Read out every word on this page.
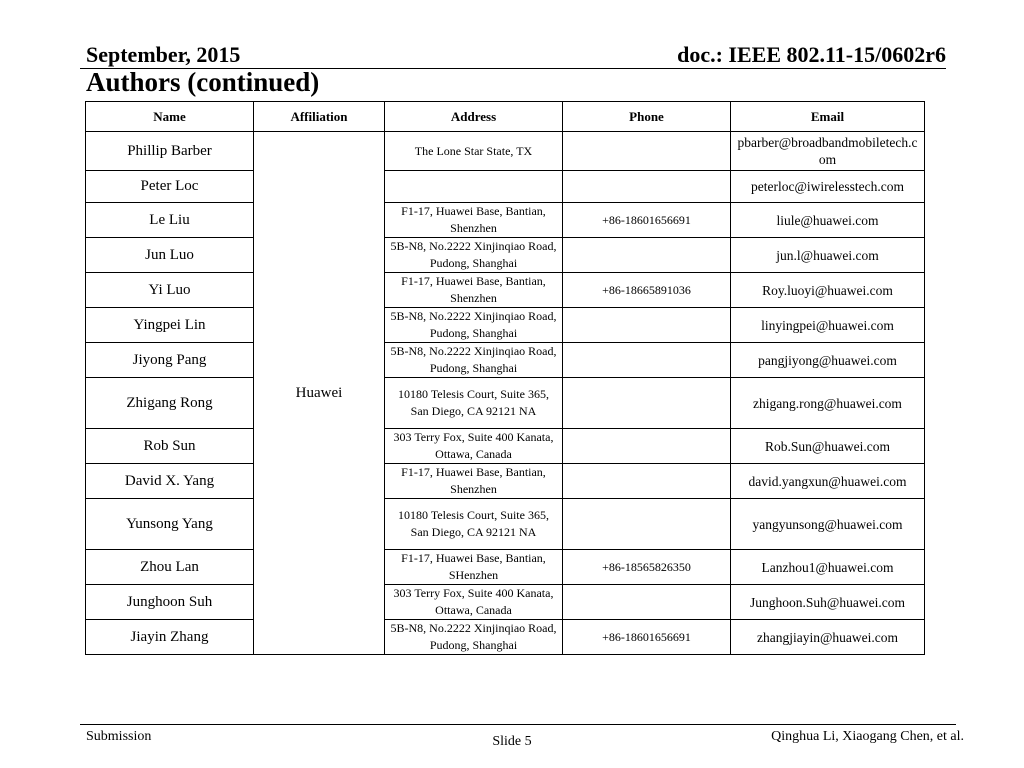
September, 2015	doc.: IEEE 802.11-15/0602r6
Authors (continued)
Name	Affiliation	Address	Phone	Email
Phillip Barber	Huawei	The Lone Star State, TX		pbarber@broadbandmobiletech.com
Peter Loc				peterloc@iwirelesstech.com
Le Liu		F1-17, Huawei Base, Bantian, Shenzhen	+86-18601656691	liule@huawei.com
Jun Luo		5B-N8, No.2222 Xinjinqiao Road, Pudong, Shanghai		jun.l@huawei.com
Yi Luo		F1-17, Huawei Base, Bantian, Shenzhen	+86-18665891036	Roy.luoyi@huawei.com
Yingpei Lin		5B-N8, No.2222 Xinjinqiao Road, Pudong, Shanghai		linyingpei@huawei.com
Jiyong Pang		5B-N8, No.2222 Xinjinqiao Road, Pudong, Shanghai		pangjiyong@huawei.com
Zhigang Rong		10180 Telesis Court, Suite 365, San Diego, CA 92121 NA		zhigang.rong@huawei.com
Rob Sun		303 Terry Fox, Suite 400 Kanata, Ottawa, Canada		Rob.Sun@huawei.com
David X. Yang		F1-17, Huawei Base, Bantian, Shenzhen		david.yangxun@huawei.com
Yunsong Yang		10180 Telesis Court, Suite 365, San Diego, CA 92121 NA		yangyunsong@huawei.com
Zhou Lan		F1-17, Huawei Base, Bantian, SHenzhen	+86-18565826350	Lanzhou1@huawei.com
Junghoon Suh		303 Terry Fox, Suite 400 Kanata, Ottawa, Canada		Junghoon.Suh@huawei.com
Jiayin Zhang		5B-N8, No.2222 Xinjinqiao Road, Pudong, Shanghai	+86-18601656691	zhangjiayin@huawei.com
Submission	Slide 5	Qinghua Li, Xiaogang Chen, et al.
